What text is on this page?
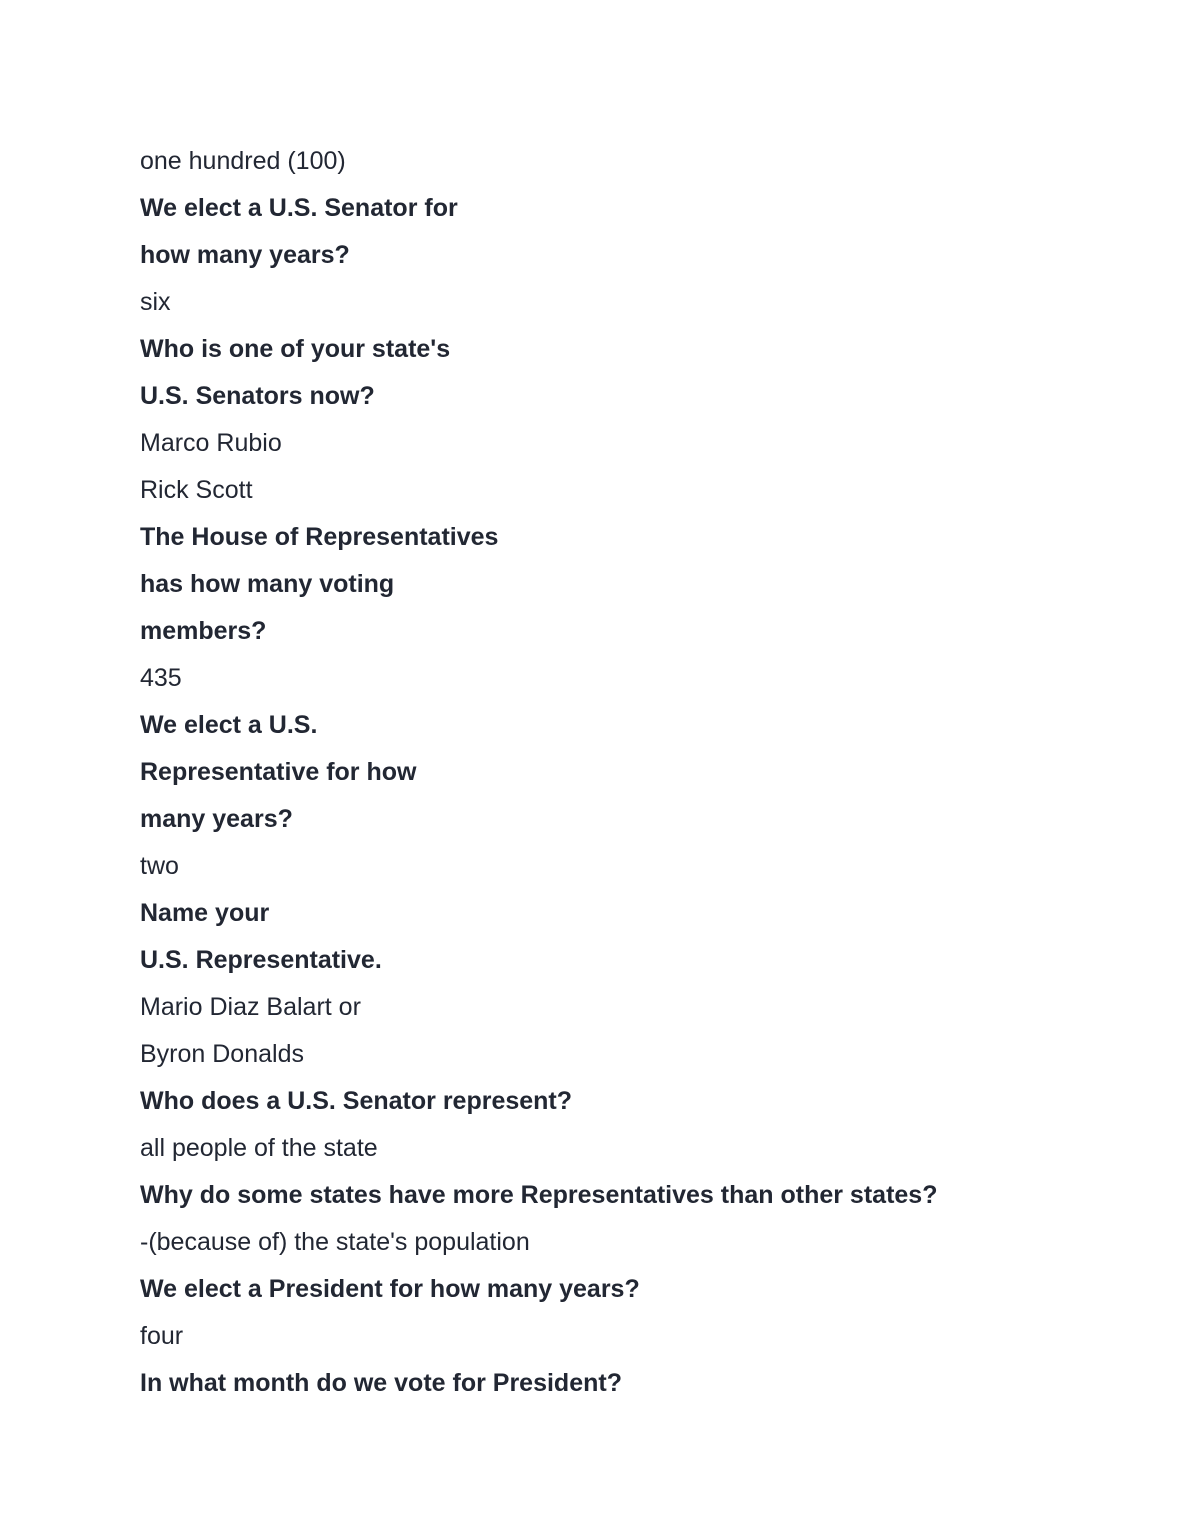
one hundred (100)
We elect a U.S. Senator for
how many years?
six
Who is one of your state's
U.S. Senators now?
Marco Rubio
Rick Scott
The House of Representatives
has how many voting
members?
435
We elect a U.S.
Representative for how
many years?
two
Name your
U.S. Representative.
Mario Diaz Balart or
Byron Donalds
Who does a U.S. Senator represent?
all people of the state
Why do some states have more Representatives than other states?
-(because of) the state's population
We elect a President for how many years?
four
In what month do we vote for President?
